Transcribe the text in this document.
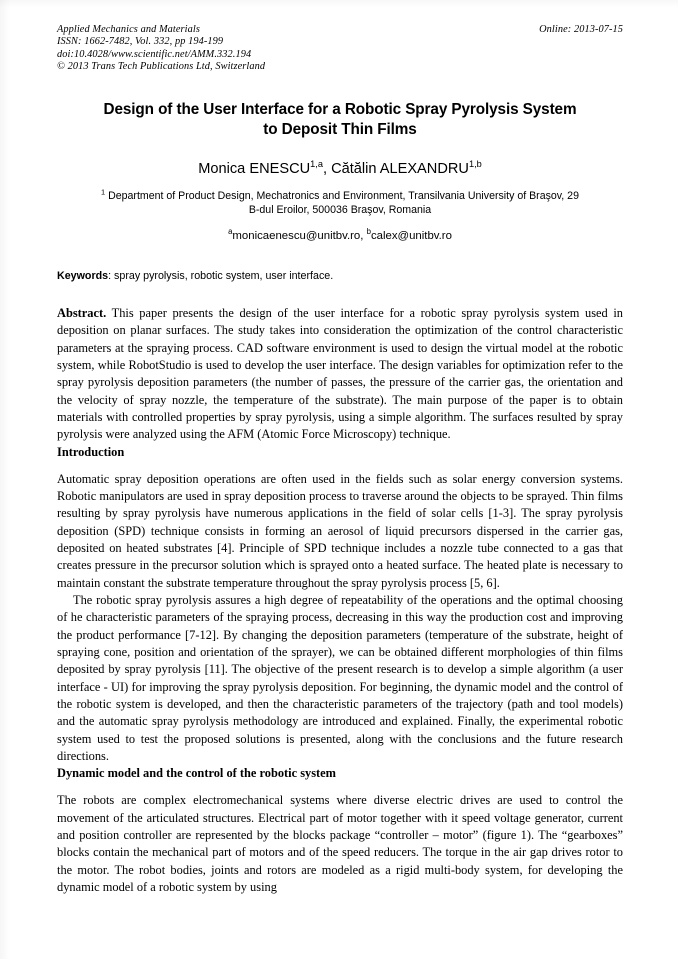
Online: 2013-07-15
Applied Mechanics and Materials
ISSN: 1662-7482, Vol. 332, pp 194-199
doi:10.4028/www.scientific.net/AMM.332.194
© 2013 Trans Tech Publications Ltd, Switzerland
Design of the User Interface for a Robotic Spray Pyrolysis System
to Deposit Thin Films
Monica ENESCU$^{1,a}$, Cătălin ALEXANDRU$^{1,b}$
$^1$ Department of Product Design, Mechatronics and Environment, Transilvania University of Braşov, 29 B-dul Eroilor, 500036 Braşov, Romania
$^a$monicaenescu@unitbv.ro, $^b$calex@unitbv.ro
Keywords: spray pyrolysis, robotic system, user interface.
Abstract. This paper presents the design of the user interface for a robotic spray pyrolysis system used in deposition on planar surfaces. The study takes into consideration the optimization of the control characteristic parameters at the spraying process. CAD software environment is used to design the virtual model at the robotic system, while RobotStudio is used to develop the user interface. The design variables for optimization refer to the spray pyrolysis deposition parameters (the number of passes, the pressure of the carrier gas, the orientation and the velocity of spray nozzle, the temperature of the substrate). The main purpose of the paper is to obtain materials with controlled properties by spray pyrolysis, using a simple algorithm. The surfaces resulted by spray pyrolysis were analyzed using the AFM (Atomic Force Microscopy) technique.
Introduction

Automatic spray deposition operations are often used in the fields such as solar energy conversion systems. Robotic manipulators are used in spray deposition process to traverse around the objects to be sprayed. Thin films resulting by spray pyrolysis have numerous applications in the field of solar cells [1-3]. The spray pyrolysis deposition (SPD) technique consists in forming an aerosol of liquid precursors dispersed in the carrier gas, deposited on heated substrates [4]. Principle of SPD technique includes a nozzle tube connected to a gas that creates pressure in the precursor solution which is sprayed onto a heated surface. The heated plate is necessary to maintain constant the substrate temperature throughout the spray pyrolysis process [5, 6].

The robotic spray pyrolysis assures a high degree of repeatability of the operations and the optimal choosing of he characteristic parameters of the spraying process, decreasing in this way the production cost and improving the product performance [7-12]. By changing the deposition parameters (temperature of the substrate, height of spraying cone, position and orientation of the sprayer), we can be obtained different morphologies of thin films deposited by spray pyrolysis [11]. The objective of the present research is to develop a simple algorithm (a user interface - UI) for improving the spray pyrolysis deposition. For beginning, the dynamic model and the control of the robotic system is developed, and then the characteristic parameters of the trajectory (path and tool models) and the automatic spray pyrolysis methodology are introduced and explained. Finally, the experimental robotic system used to test the proposed solutions is presented, along with the conclusions and the future research directions.

Dynamic model and the control of the robotic system

The robots are complex electromechanical systems where diverse electric drives are used to control the movement of the articulated structures. Electrical part of motor together with it speed voltage generator, current and position controller are represented by the blocks package “controller – motor” (figure 1). The “gearboxes” blocks contain the mechanical part of motors and of the speed reducers. The torque in the air gap drives rotor to the motor. The robot bodies, joints and rotors are modeled as a rigid multi-body system, for developing the dynamic model of a robotic system by using
